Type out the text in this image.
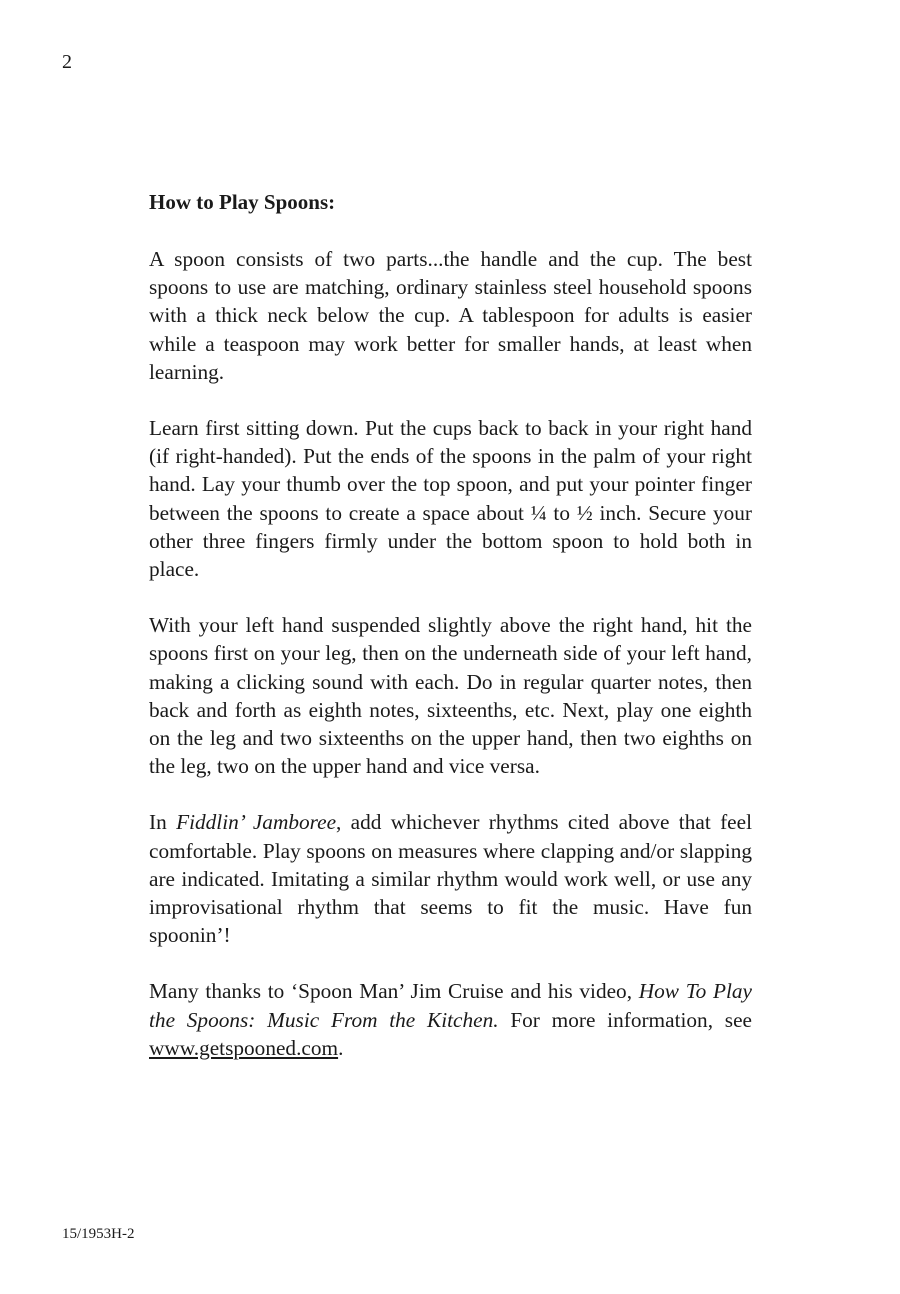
2
How to Play Spoons:

A spoon consists of two parts...the handle and the cup. The best spoons to use are matching, ordinary stainless steel household spoons with a thick neck below the cup. A tablespoon for adults is easier while a teaspoon may work better for smaller hands, at least when learning.

Learn first sitting down. Put the cups back to back in your right hand (if right-handed). Put the ends of the spoons in the palm of your right hand. Lay your thumb over the top spoon, and put your pointer finger between the spoons to create a space about ¼ to ½ inch. Secure your other three fingers firmly under the bottom spoon to hold both in place.

With your left hand suspended slightly above the right hand, hit the spoons first on your leg, then on the underneath side of your left hand, making a clicking sound with each. Do in regular quarter notes, then back and forth as eighth notes, sixteenths, etc. Next, play one eighth on the leg and two sixteenths on the upper hand, then two eighths on the leg, two on the upper hand and vice versa.

In Fiddlin’ Jamboree, add whichever rhythms cited above that feel comfortable. Play spoons on measures where clapping and/or slapping are indicated. Imitating a similar rhythm would work well, or use any improvisational rhythm that seems to fit the music. Have fun spoonin’!

Many thanks to ‘Spoon Man’ Jim Cruise and his video, How To Play the Spoons: Music From the Kitchen. For more information, see www.getspooned.com.

15/1953H-2
